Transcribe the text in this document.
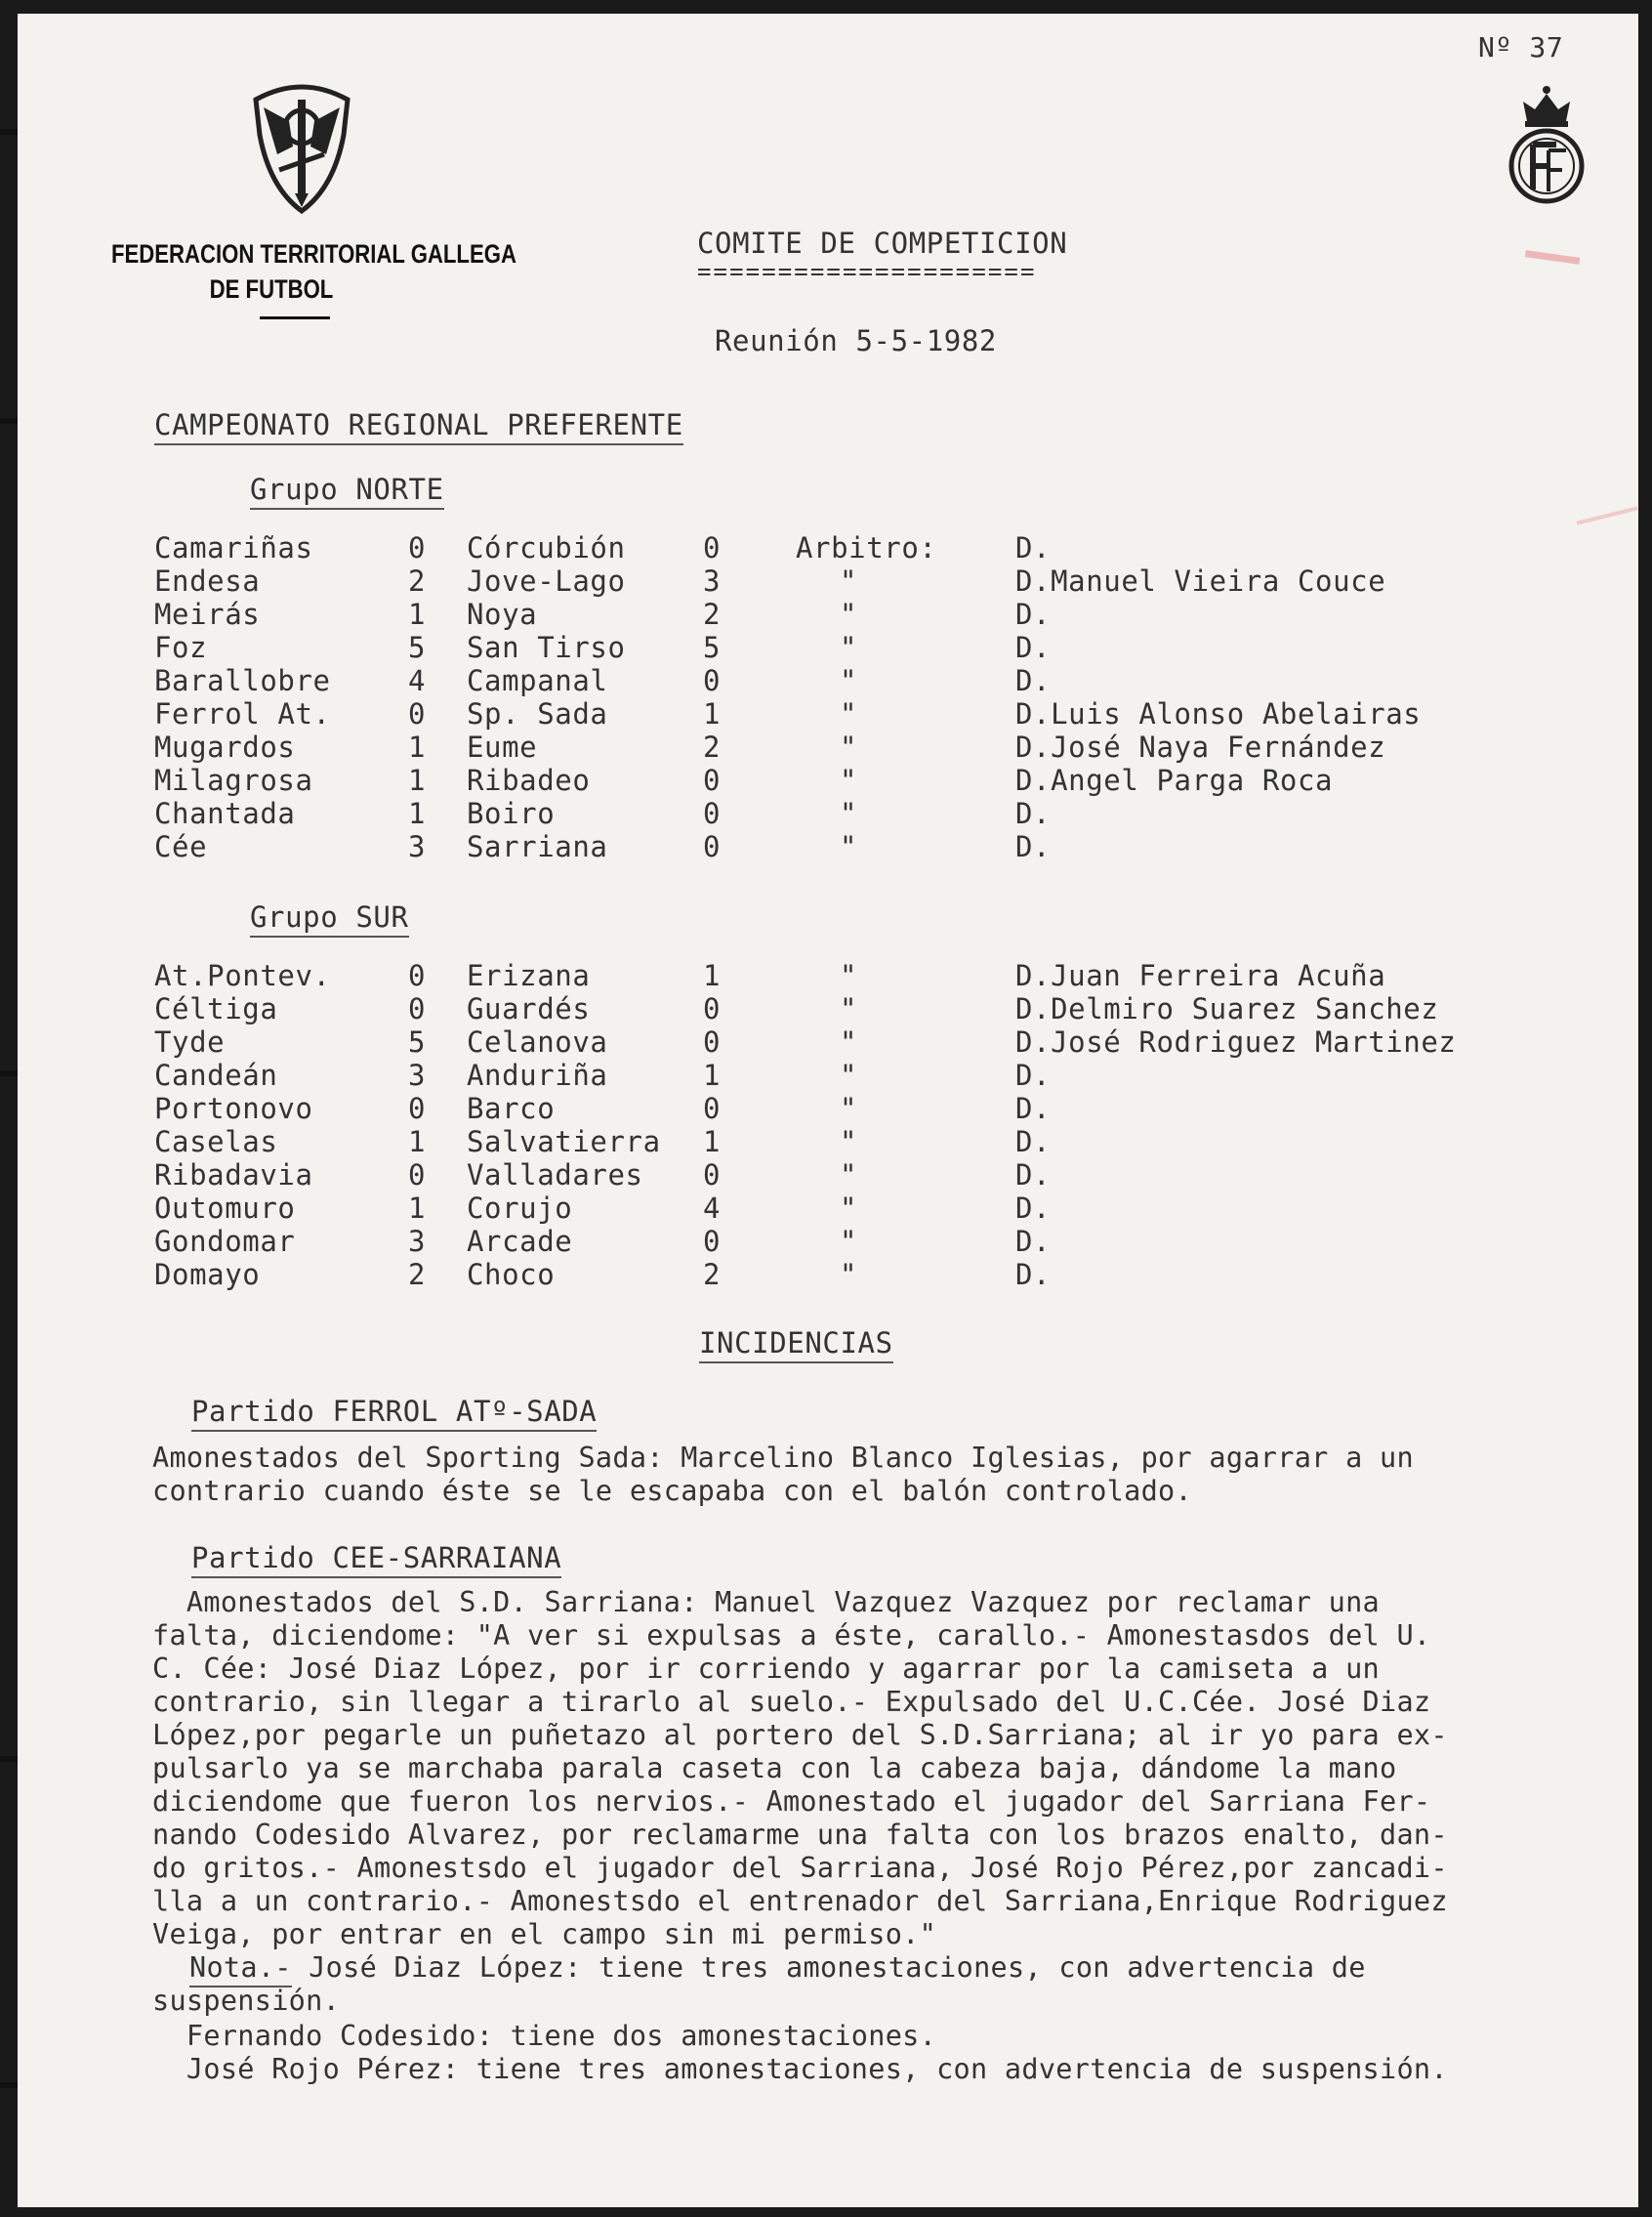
Nº 37
FEDERACION TERRITORIAL GALLEGA
DE FUTBOL
COMITE DE COMPETICION
=====================
Reunión 5-5-1982
CAMPEONATO REGIONAL PREFERENTE
Grupo NORTE
Camariñas	0	Córcubión	0	Arbitro:	D.
Endesa	2	Jove-Lago	3	"	D.Manuel Vieira Couce
Meirás	1	Noya	2	"	D.
Foz	5	San Tirso	5	"	D.
Barallobre	4	Campanal	0	"	D.
Ferrol At.	0	Sp. Sada	1	"	D.Luis Alonso Abelairas
Mugardos	1	Eume	2	"	D.José Naya Fernández
Milagrosa	1	Ribadeo	0	"	D.Angel Parga Roca
Chantada	1	Boiro	0	"	D.
Cée	3	Sarriana	0	"	D.
Grupo SUR
At.Pontev.	0	Erizana	1	"	D.Juan Ferreira Acuña
Céltiga	0	Guardés	0	"	D.Delmiro Suarez Sanchez
Tyde	5	Celanova	0	"	D.José Rodriguez Martinez
Candeán	3	Anduriña	1	"	D.
Portonovo	0	Barco	0	"	D.
Caselas	1	Salvatierra	1	"	D.
Ribadavia	0	Valladares	0	"	D.
Outomuro	1	Corujo	4	"	D.
Gondomar	3	Arcade	0	"	D.
Domayo	2	Choco	2	"	D.
INCIDENCIAS
Partido FERROL ATº-SADA
Amonestados del Sporting Sada: Marcelino Blanco Iglesias, por agarrar a un
contrario cuando éste se le escapaba con el balón controlado.
Partido CEE-SARRAIANA
Amonestados del S.D. Sarriana: Manuel Vazquez Vazquez por reclamar una
falta, diciendome: "A ver si expulsas a éste, carallo.- Amonestasdos del U.
C. Cée: José Diaz López, por ir corriendo y agarrar por la camiseta a un
contrario, sin llegar a tirarlo al suelo.- Expulsado del U.C.Cée. José Diaz
López,por pegarle un puñetazo al portero del S.D.Sarriana; al ir yo para ex-
pulsarlo ya se marchaba parala caseta con la cabeza baja, dándome la mano
diciendome que fueron los nervios.- Amonestado el jugador del Sarriana Fer-
nando Codesido Alvarez, por reclamarme una falta con los brazos enalto, dan-
do gritos.- Amonestsdo el jugador del Sarriana, José Rojo Pérez,por zancadi-
lla a un contrario.- Amonestsdo el entrenador del Sarriana,Enrique Rodriguez
Veiga, por entrar en el campo sin mi permiso."
Nota.- José Diaz López: tiene tres amonestaciones, con advertencia de
suspensión.
Fernando Codesido: tiene dos amonestaciones.
José Rojo Pérez: tiene tres amonestaciones, con advertencia de suspensión.
